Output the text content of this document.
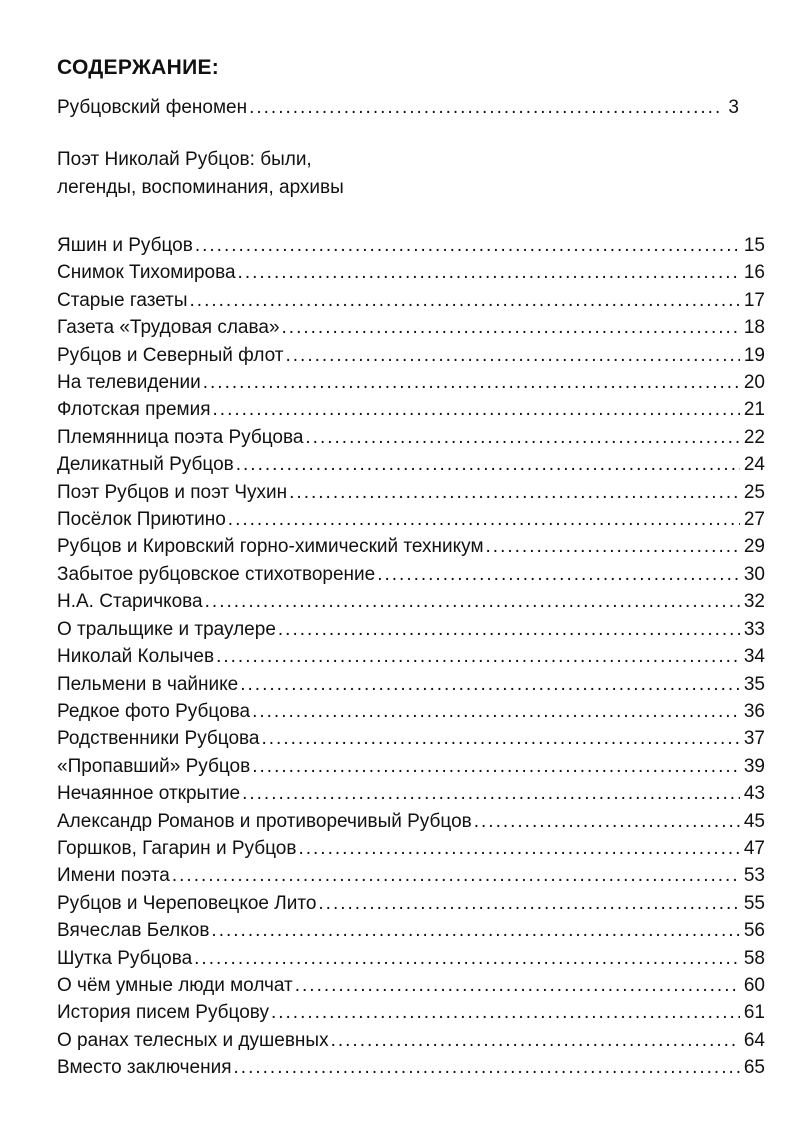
СОДЕРЖАНИЕ:
Рубцовский феномен .....	3
Поэт Николай Рубцов: были,
легенды, воспоминания, архивы
Яшин и Рубцов .....	15
Снимок Тихомирова .....	16
Старые газеты .....	17
Газета «Трудовая слава» .....	18
Рубцов и Северный флот .....	19
На телевидении .....	20
Флотская премия .....	21
Племянница поэта Рубцова .....	22
Деликатный Рубцов .....	24
Поэт Рубцов и поэт Чухин .....	25
Посёлок Приютино .....	27
Рубцов и Кировский горно-химический техникум .....	29
Забытое рубцовское стихотворение .....	30
Н.А. Старичкова .....	32
О тральщике и траулере .....	33
Николай Колычев .....	34
Пельмени в чайнике .....	35
Редкое фото Рубцова .....	36
Родственники Рубцова .....	37
«Пропавший» Рубцов .....	39
Нечаянное открытие .....	43
Александр Романов и противоречивый Рубцов .....	45
Горшков, Гагарин и Рубцов .....	47
Имени поэта .....	53
Рубцов и Череповецкое Лито .....	55
Вячеслав Белков .....	56
Шутка Рубцова .....	58
О чём умные люди молчат .....	60
История писем Рубцову .....	61
О ранах телесных и душевных .....	64
Вместо заключения .....	65
